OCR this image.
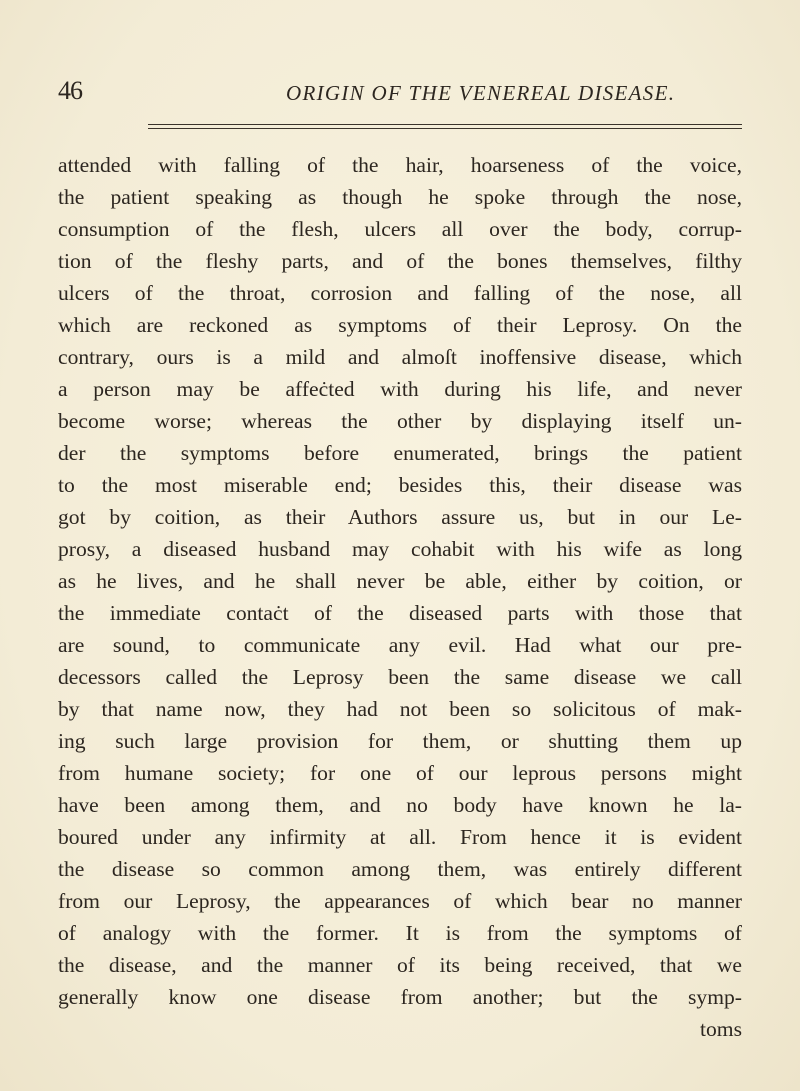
46	ORIGIN OF THE VENEREAL DISEASE.
attended with falling of the hair, hoarseness of the voice,
the patient speaking as though he spoke through the nose,
consumption of the flesh, ulcers all over the body, corrup-
tion of the fleshy parts, and of the bones themselves, filthy
ulcers of the throat, corrosion and falling of the nose, all
which are reckoned as symptoms of their Leprosy. On the
contrary, ours is a mild and almoſt inoffensive disease, which
a person may be affeċted with during his life, and never
become worse; whereas the other by displaying itself un-
der the symptoms before enumerated, brings the patient
to the most miserable end; besides this, their disease was
got by coition, as their Authors assure us, but in our Le-
prosy, a diseased husband may cohabit with his wife as long
as he lives, and he shall never be able, either by coition, or
the immediate contaċt of the diseased parts with those that
are sound, to communicate any evil. Had what our pre-
decessors called the Leprosy been the same disease we call
by that name now, they had not been so solicitous of mak-
ing such large provision for them, or shutting them up
from humane society; for one of our leprous persons might
have been among them, and no body have known he la-
boured under any infirmity at all. From hence it is evident
the disease so common among them, was entirely different
from our Leprosy, the appearances of which bear no manner
of analogy with the former. It is from the symptoms of
the disease, and the manner of its being received, that we
generally know one disease from another; but the symp-
toms
